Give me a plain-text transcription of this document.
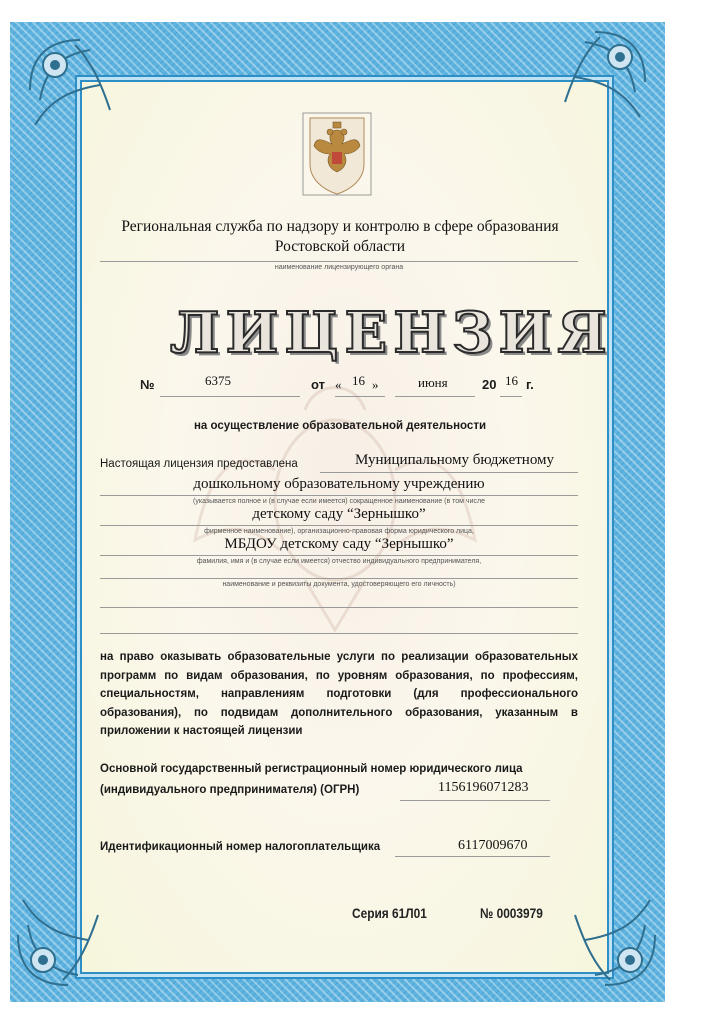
Региональная служба по надзору и контролю в сфере образования
Ростовской области
наименование лицензирующего органа
ЛИЦЕНЗИЯ
№	6375	от « 16 »	июня	20 16 г.
на осуществление образовательной деятельности
Настоящая лицензия предоставлена	Муниципальному бюджетному
дошкольному образовательному учреждению
(указывается полное и (в случае если имеется) сокращенное наименование (в том числе
детскому саду “Зернышко”
фирменное наименование), организационно-правовая форма юридического лица,
МБДОУ детскому саду “Зернышко”
фамилия, имя и (в случае если имеется) отчество индивидуального предпринимателя,
наименование и реквизиты документа, удостоверяющего его личность)
на право оказывать образовательные услуги по реализации образовательных программ по видам образования, по уровням образования, по профессиям, специальностям, направлениям подготовки (для профессионального образования), по подвидам дополнительного образования, указанным в приложении к настоящей лицензии
Основной государственный регистрационный номер юридического лица
(индивидуального предпринимателя) (ОГРН)	1156196071283
Идентификационный номер налогоплательщика	6117009670
Серия 61Л01	№ 0003979
